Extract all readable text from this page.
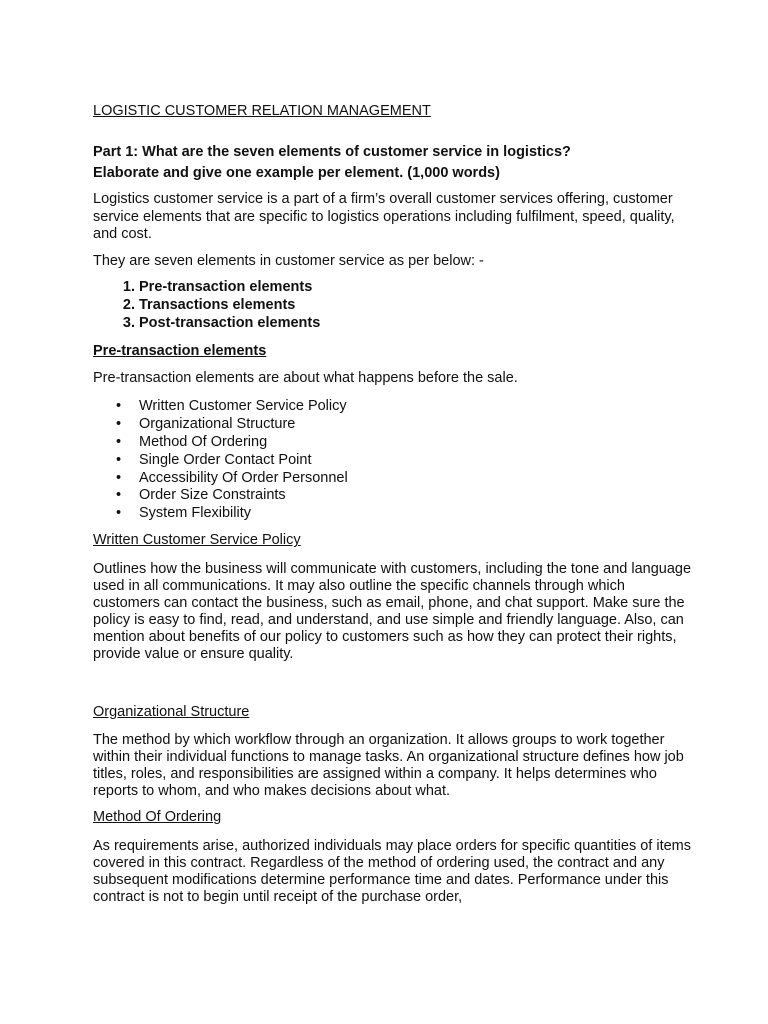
LOGISTIC CUSTOMER RELATION MANAGEMENT
Part 1: What are the seven elements of customer service in logistics?
Elaborate and give one example per element. (1,000 words)

Logistics customer service is a part of a firm’s overall customer services offering, customer service elements that are specific to logistics operations including fulfilment, speed, quality, and cost.

They are seven elements in customer service as per below: -

1. Pre-transaction elements
2. Transactions elements
3. Post-transaction elements
Pre-transaction elements

Pre-transaction elements are about what happens before the sale.

• Written Customer Service Policy
• Organizational Structure
• Method Of Ordering
• Single Order Contact Point
• Accessibility Of Order Personnel
• Order Size Constraints
• System Flexibility
Written Customer Service Policy

Outlines how the business will communicate with customers, including the tone and language used in all communications. It may also outline the specific channels through which customers can contact the business, such as email, phone, and chat support. Make sure the policy is easy to find, read, and understand, and use simple and friendly language. Also, can mention about benefits of our policy to customers such as how they can protect their rights, provide value or ensure quality.

Organizational Structure

The method by which workflow through an organization. It allows groups to work together within their individual functions to manage tasks. An organizational structure defines how job titles, roles, and responsibilities are assigned within a company. It helps determines who reports to whom, and who makes decisions about what.

Method Of Ordering

As requirements arise, authorized individuals may place orders for specific quantities of items covered in this contract. Regardless of the method of ordering used, the contract and any subsequent modifications determine performance time and dates. Performance under this contract is not to begin until receipt of the purchase order,
